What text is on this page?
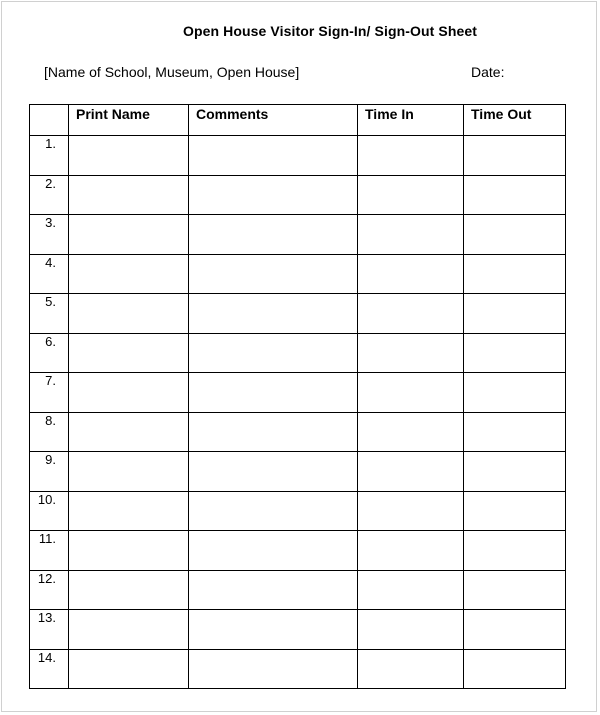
Open House Visitor Sign-In/ Sign-Out Sheet
[Name of School, Museum, Open House]	Date:
	Print Name	Comments	Time In	Time Out
1.				
2.				
3.				
4.				
5.				
6.				
7.				
8.				
9.				
10.				
11.				
12.				
13.				
14.				
